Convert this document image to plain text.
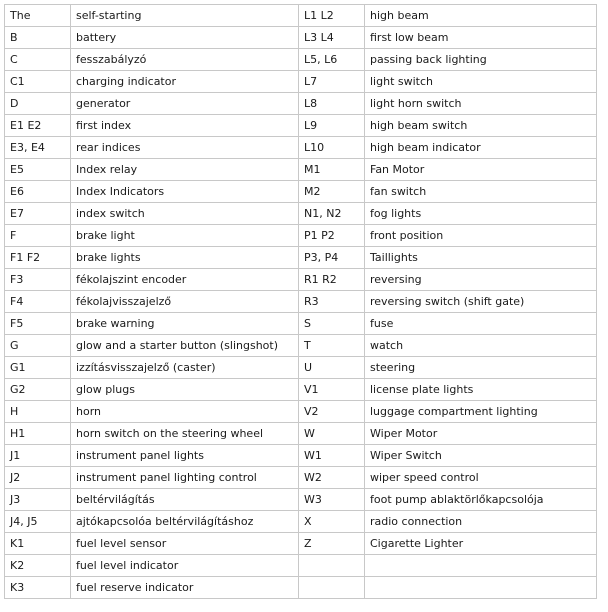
The	self-starting	L1 L2	high beam
B	battery	L3 L4	first low beam
C	fesszabályzó	L5, L6	passing back lighting
C1	charging indicator	L7	light switch
D	generator	L8	light horn switch
E1 E2	first index	L9	high beam switch
E3, E4	rear indices	L10	high beam indicator
E5	Index relay	M1	Fan Motor
E6	Index Indicators	M2	fan switch
E7	index switch	N1, N2	fog lights
F	brake light	P1 P2	front position
F1 F2	brake lights	P3, P4	Taillights
F3	fékolajszint encoder	R1 R2	reversing
F4	fékolajvisszajelző	R3	reversing switch (shift gate)
F5	brake warning	S	fuse
G	glow and a starter button (slingshot)	T	watch
G1	izzításvisszajelző (caster)	U	steering
G2	glow plugs	V1	license plate lights
H	horn	V2	luggage compartment lighting
H1	horn switch on the steering wheel	W	Wiper Motor
J1	instrument panel lights	W1	Wiper Switch
J2	instrument panel lighting control	W2	wiper speed control
J3	beltérvilágítás	W3	foot pump ablaktörlőkapcsolója
J4, J5	ajtókapcsolóa beltérvilágításhoz	X	radio connection
K1	fuel level sensor	Z	Cigarette Lighter
K2	fuel level indicator		
K3	fuel reserve indicator		
